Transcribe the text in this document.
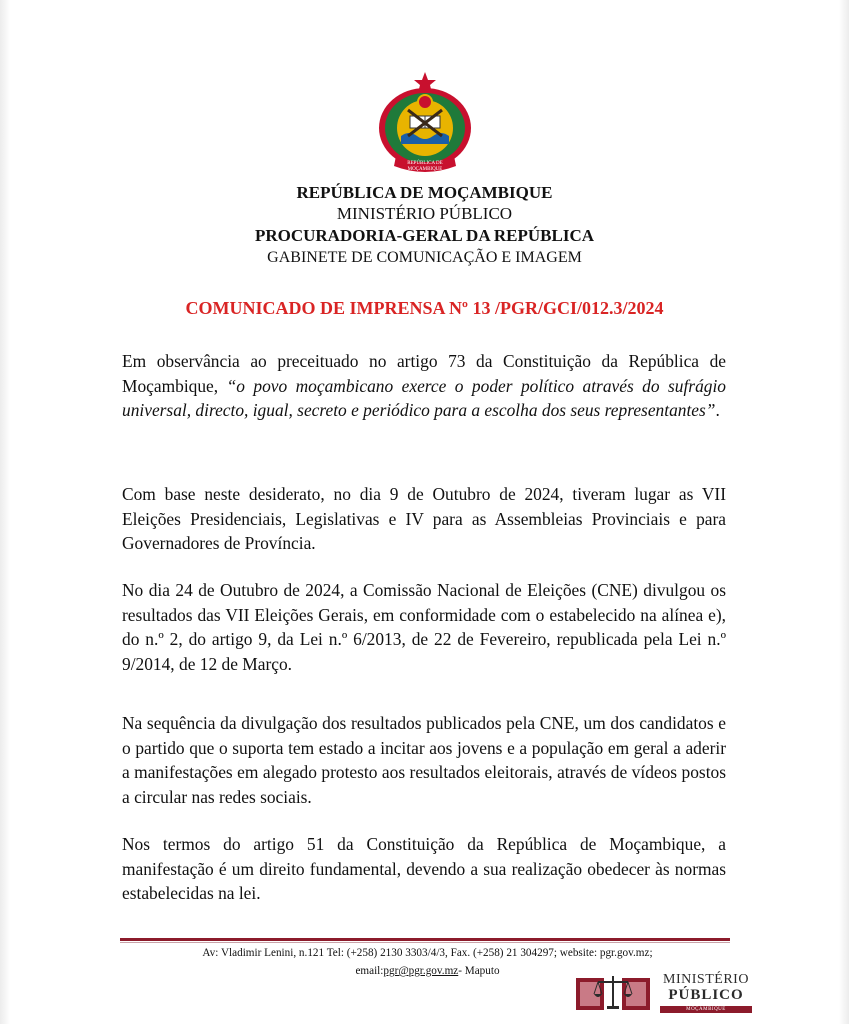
REPÚBLICA DE
MOÇAMBIQUE
REPÚBLICA DE MOÇAMBIQUE
MINISTÉRIO PÚBLICO
PROCURADORIA-GERAL DA REPÚBLICA
GABINETE DE COMUNICAÇÃO E IMAGEM
COMUNICADO DE IMPRENSA Nº 13 /PGR/GCI/012.3/2024

Em observância ao preceituado no artigo 73 da Constituição da República de Moçambique, “o povo moçambicano exerce o poder político através do sufrágio universal, directo, igual, secreto e periódico para a escolha dos seus representantes”.

Com base neste desiderato, no dia 9 de Outubro de 2024, tiveram lugar as VII Eleições Presidenciais, Legislativas e IV para as Assembleias Provinciais e para Governadores de Província.

No dia 24 de Outubro de 2024, a Comissão Nacional de Eleições (CNE) divulgou os resultados das VII Eleições Gerais, em conformidade com o estabelecido na alínea e), do n.º 2, do artigo 9, da Lei n.º 6/2013, de 22 de Fevereiro, republicada pela Lei n.º 9/2014, de 12 de Março.

Na sequência da divulgação dos resultados publicados pela CNE, um dos candidatos e o partido que o suporta tem estado a incitar aos jovens e a população em geral a aderir a manifestações em alegado protesto aos resultados eleitorais, através de vídeos postos a circular nas redes sociais.

Nos termos do artigo 51 da Constituição da República de Moçambique, a manifestação é um direito fundamental, devendo a sua realização obedecer às normas estabelecidas na lei.

Av: Vladimir Lenini, n.121 Tel: (+258) 2130 3303/4/3, Fax. (+258) 21 304297; website: pgr.gov.mz;
email:pgr@pgr.gov.mz- Maputo
MINISTÉRIO
PÚBLICO
MOÇAMBIQUE
